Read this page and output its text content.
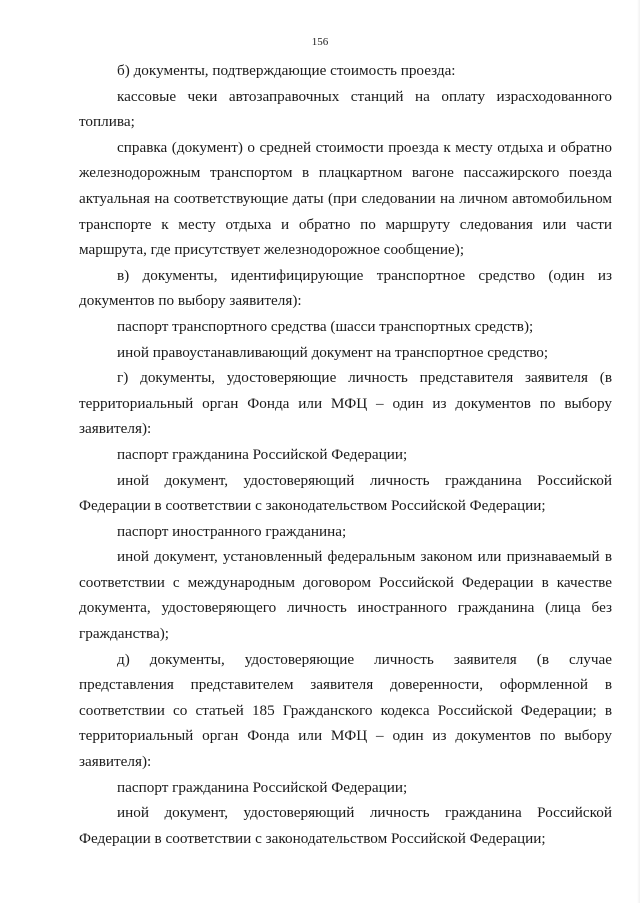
156

б) документы, подтверждающие стоимость проезда:

кассовые чеки автозаправочных станций на оплату израсходованного топлива;

справка (документ) о средней стоимости проезда к месту отдыха и обратно железнодорожным транспортом в плацкартном вагоне пассажирского поезда актуальная на соответствующие даты (при следовании на личном автомобильном транспорте к месту отдыха и обратно по маршруту следования или части маршрута, где присутствует железнодорожное сообщение);

в) документы, идентифицирующие транспортное средство (один из документов по выбору заявителя):

паспорт транспортного средства (шасси транспортных средств);

иной правоустанавливающий документ на транспортное средство;

г) документы, удостоверяющие личность представителя заявителя (в территориальный орган Фонда или МФЦ – один из документов по выбору заявителя):

паспорт гражданина Российской Федерации;

иной документ, удостоверяющий личность гражданина Российской Федерации в соответствии с законодательством Российской Федерации;

паспорт иностранного гражданина;

иной документ, установленный федеральным законом или признаваемый в соответствии с международным договором Российской Федерации в качестве документа, удостоверяющего личность иностранного гражданина (лица без гражданства);

д) документы, удостоверяющие личность заявителя (в случае представления представителем заявителя доверенности, оформленной в соответствии со статьей 185 Гражданского кодекса Российской Федерации; в территориальный орган Фонда или МФЦ – один из документов по выбору заявителя):

паспорт гражданина Российской Федерации;

иной документ, удостоверяющий личность гражданина Российской Федерации в соответствии с законодательством Российской Федерации;
